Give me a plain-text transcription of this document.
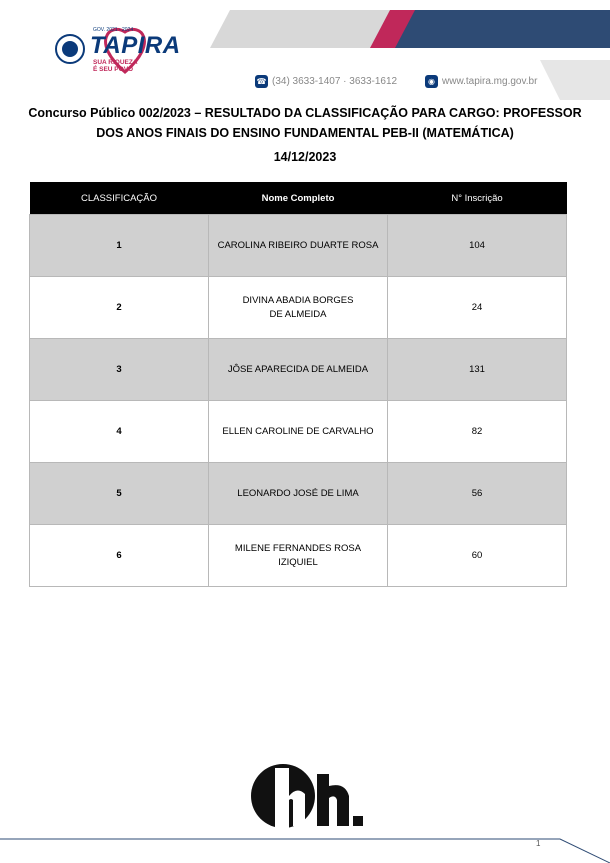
GOV. 2021 - 2024
TAPIRA
SUA RIQUEZA
É SEU POVO
☎ (34) 3633-1407 · 3633-1612	◉ www.tapira.mg.gov.br
Concurso Público 002/2023 – RESULTADO DA CLASSIFICAÇÃO PARA CARGO: PROFESSOR DOS ANOS FINAIS DO ENSINO FUNDAMENTAL PEB-II (MATEMÁTICA)
14/12/2023
CLASSIFICAÇÃO	Nome Completo	N° Inscrição
1	CAROLINA RIBEIRO DUARTE ROSA	104
2	DIVINA ABADIA BORGES DE ALMEIDA	24
3	JÔSE APARECIDA DE ALMEIDA	131
4	ELLEN CAROLINE DE CARVALHO	82
5	LEONARDO JOSÉ DE LIMA	56
6	MILENE FERNANDES ROSA IZIQUIEL	60
1
